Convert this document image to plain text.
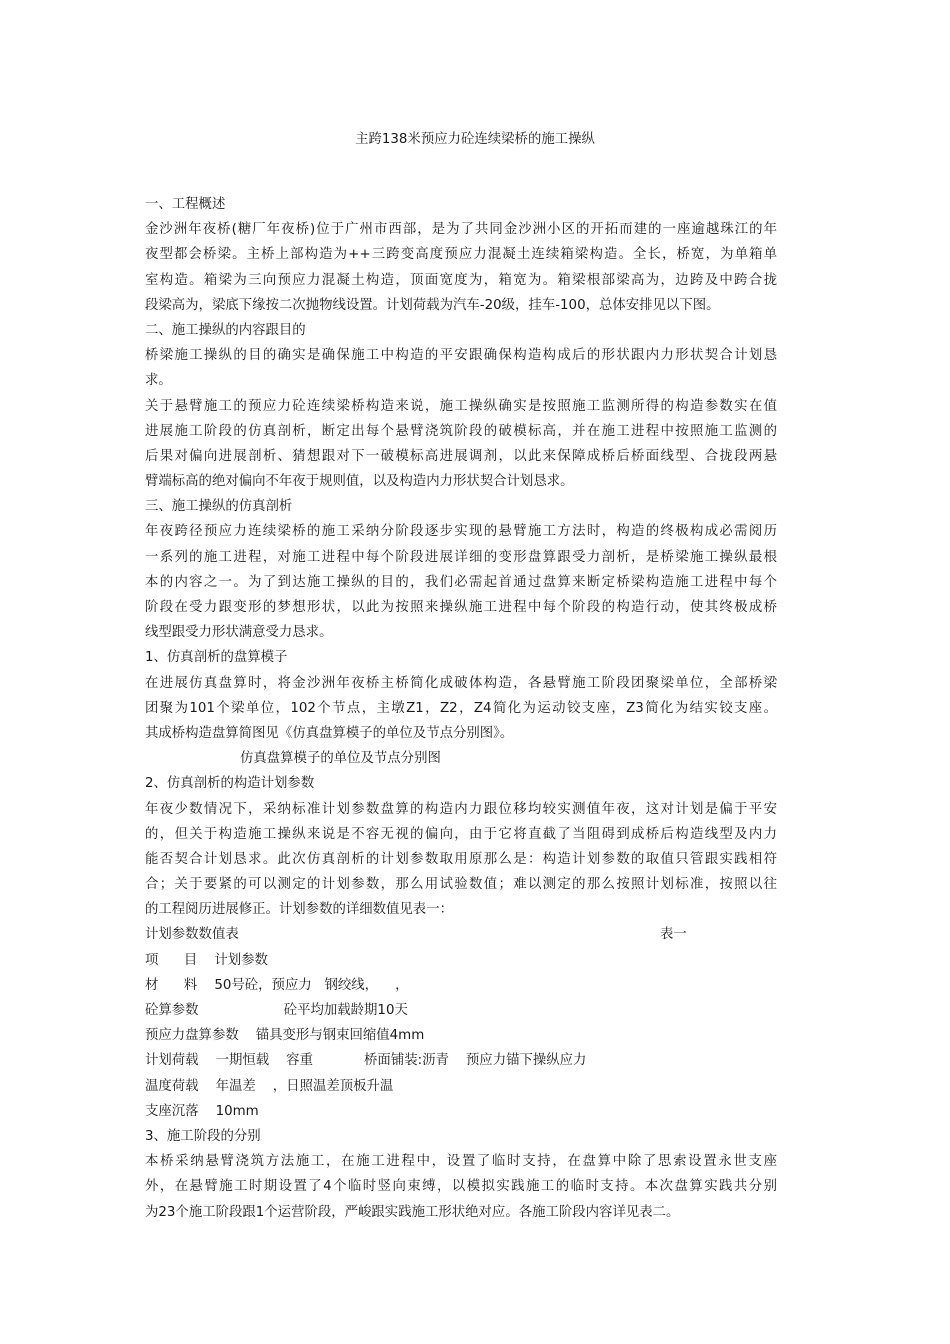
主跨138米预应力砼连续梁桥的施工操纵
一、工程概述
金沙洲年夜桥(糖厂年夜桥)位于广州市西部，是为了共同金沙洲小区的开拓而建的一座逾越珠江的年
夜型都会桥梁。主桥上部构造为++三跨变高度预应力混凝土连续箱梁构造。全长，桥宽，为单箱单
室构造。箱梁为三向预应力混凝土构造，顶面宽度为，箱宽为。箱梁根部梁高为，边跨及中跨合拢
段梁高为，梁底下缘按二次抛物线设置。计划荷载为汽车-20级，挂车-100，总体安排见以下图。
二、施工操纵的内容跟目的
桥梁施工操纵的目的确实是确保施工中构造的平安跟确保构造构成后的形状跟内力形状契合计划恳
求。
关于悬臂施工的预应力砼连续梁桥构造来说，施工操纵确实是按照施工监测所得的构造参数实在值
进展施工阶段的仿真剖析，断定出每个悬臂浇筑阶段的破模标高，并在施工进程中按照施工监测的
后果对偏向进展剖析、猜想跟对下一破模标高进展调剂，以此来保障成桥后桥面线型、合拢段两悬
臂端标高的绝对偏向不年夜于规则值，以及构造内力形状契合计划恳求。
三、施工操纵的仿真剖析
年夜跨径预应力连续梁桥的施工采纳分阶段逐步实现的悬臂施工方法时，构造的终极构成必需阅历
一系列的施工进程，对施工进程中每个阶段进展详细的变形盘算跟受力剖析，是桥梁施工操纵最根
本的内容之一。为了到达施工操纵的目的，我们必需起首通过盘算来断定桥梁构造施工进程中每个
阶段在受力跟变形的梦想形状，以此为按照来操纵施工进程中每个阶段的构造行动，使其终极成桥
线型跟受力形状满意受力恳求。
1、仿真剖析的盘算模子
在进展仿真盘算时，将金沙洲年夜桥主桥简化成破体构造，各悬臂施工阶段团聚梁单位，全部桥梁
团聚为101个梁单位，102个节点，主墩Z1，Z2，Z4简化为运动铰支座，Z3简化为结实铰支座。
其成桥构造盘算简图见《仿真盘算模子的单位及节点分别图》。
仿真盘算模子的单位及节点分别图
2、仿真剖析的构造计划参数
年夜少数情况下，采纳标准计划参数盘算的构造内力跟位移均较实测值年夜，这对计划是偏于平安
的，但关于构造施工操纵来说是不容无视的偏向，由于它将直截了当阻碍到成桥后构造线型及内力
能否契合计划恳求。此次仿真剖析的计划参数取用原那么是：构造计划参数的取值只管跟实践相符
合；关于要紧的可以测定的计划参数，那么用试验数值；难以测定的那么按照计划标准，按照以往
的工程阅历进展修正。计划参数的详细数值见表一：
计划参数数值表	表一
项      目    计划参数
材      料    50号砼，预应力   钢绞线，    ，
砼算参数                    砼平均加载龄期10天
预应力盘算参数    锚具变形与钢束回缩值4mm
计划荷载    一期恒载    容重            桥面铺装:沥青    预应力锚下操纵应力
温度荷载    年温差    ，日照温差顶板升温
支座沉落    10mm
3、施工阶段的分别
本桥采纳悬臂浇筑方法施工，在施工进程中，设置了临时支持，在盘算中除了思索设置永世支座
外，在悬臂施工时期设置了4个临时竖向束缚，以模拟实践施工的临时支持。本次盘算实践共分别
为23个施工阶段跟1个运营阶段，严峻跟实践施工形状绝对应。各施工阶段内容详见表二。
